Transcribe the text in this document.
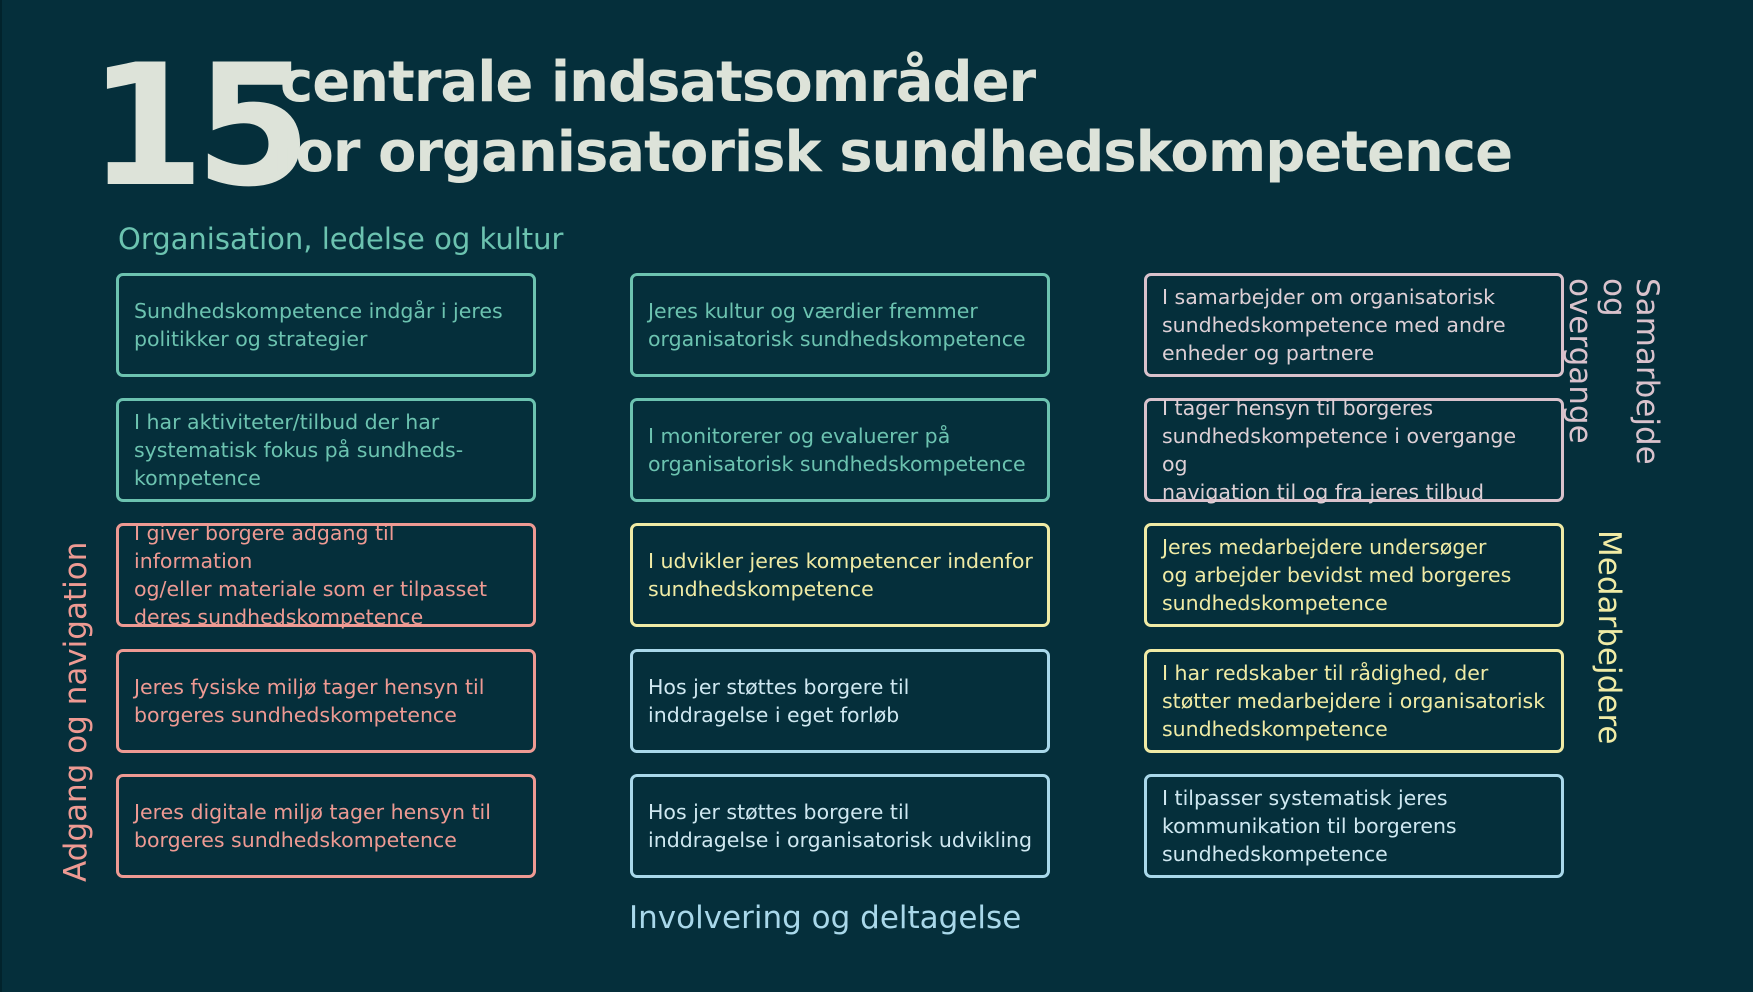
15
centrale indsatsområder
for organisatorisk sundhedskompetence
Organisation, ledelse og kultur
Involvering og deltagelse
Adgang og navigation
Samarbejde
og overgange
Medarbejdere
Sundhedskompetence indgår i jeres
politikker og strategier
I har aktiviteter/tilbud der har
systematisk fokus på sundheds-
kompetence
I giver borgere adgang til information
og/eller materiale som er tilpasset
deres sundhedskompetence
Jeres fysiske miljø tager hensyn til
borgeres sundhedskompetence
Jeres digitale miljø tager hensyn til
borgeres sundhedskompetence
Jeres kultur og værdier fremmer
organisatorisk sundhedskompetence
I monitorerer og evaluerer på
organisatorisk sundhedskompetence
I udvikler jeres kompetencer indenfor
sundhedskompetence
Hos jer støttes borgere til
inddragelse i eget forløb
Hos jer støttes borgere til
inddragelse i organisatorisk udvikling
I samarbejder om organisatorisk
sundhedskompetence med andre
enheder og partnere
I tager hensyn til borgeres
sundhedskompetence i overgange og
navigation til og fra jeres tilbud
Jeres medarbejdere undersøger
og arbejder bevidst med borgeres
sundhedskompetence
I har redskaber til rådighed, der
støtter medarbejdere i organisatorisk
sundhedskompetence
I tilpasser systematisk jeres
kommunikation til borgerens
sundhedskompetence
